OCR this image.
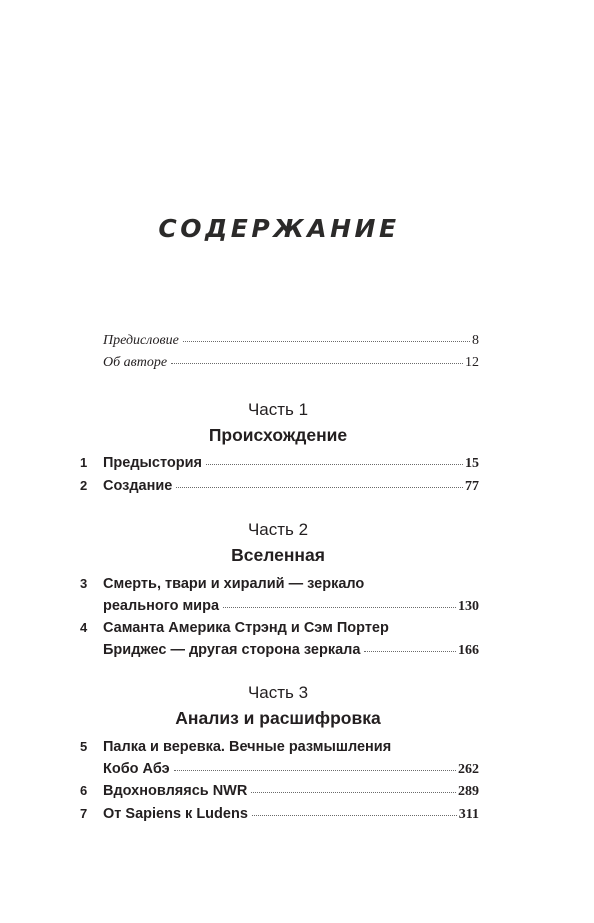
СОДЕРЖАНИЕ
Предисловие	8
Об авторе	12
Часть 1
Происхождение
1	Предыстория	15
2	Создание	77
Часть 2
Вселенная
3	Смерть, твари и хиралий — зеркало
реального мира	130
4	Саманта Америка Стрэнд и Сэм Портер
Бриджес — другая сторона зеркала	166
Часть 3
Анализ и расшифровка
5	Палка и веревка. Вечные размышления
Кобо Абэ	262
6	Вдохновляясь NWR	289
7	От Sapiens к Ludens	311
